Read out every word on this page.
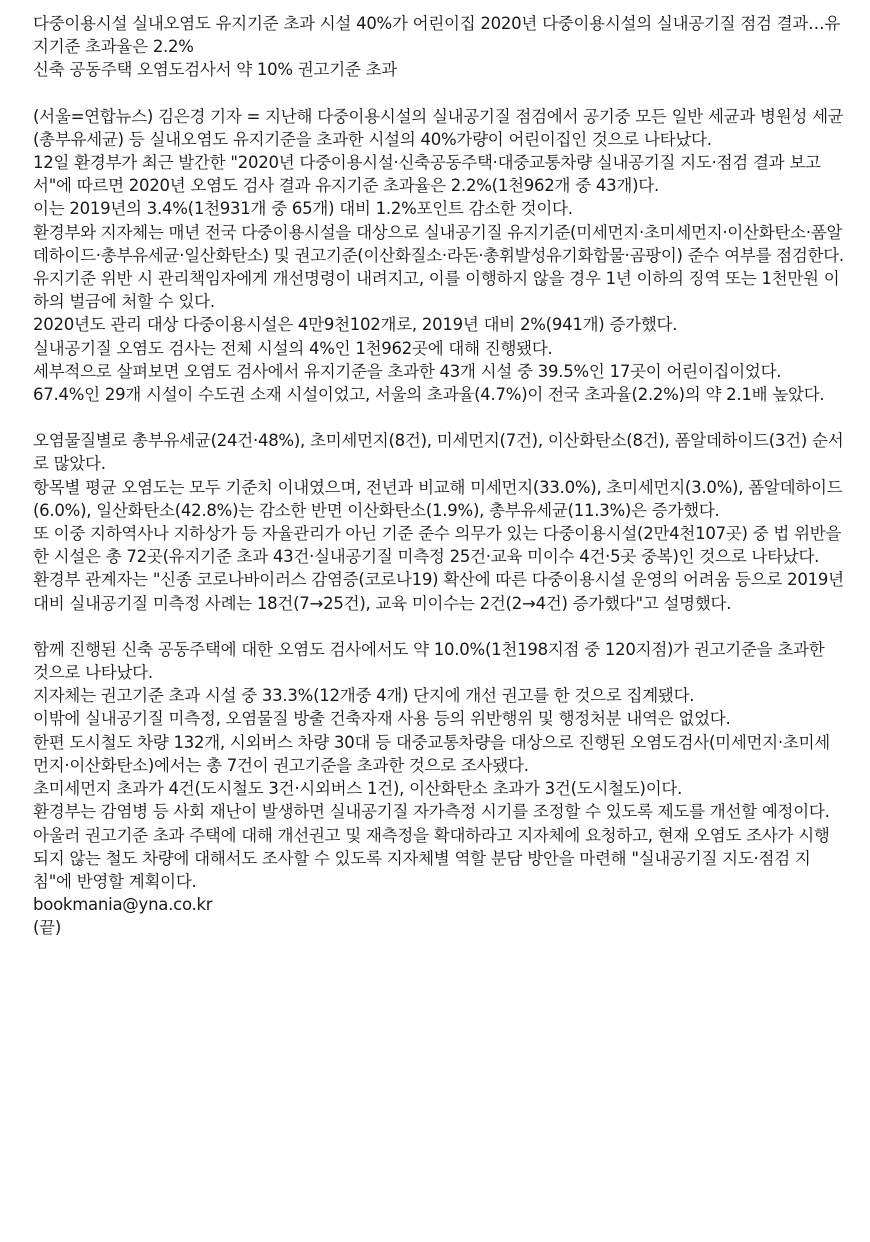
다중이용시설 실내오염도 유지기준 초과 시설 40%가 어린이집 2020년 다중이용시설의 실내공기질 점검 결과…유지기준 초과율은 2.2%

신축 공동주택 오염도검사서 약 10% 권고기준 초과

(서울=연합뉴스) 김은경 기자 = 지난해 다중이용시설의 실내공기질 점검에서 공기중 모든 일반 세균과 병원성 세균(총부유세균) 등 실내오염도 유지기준을 초과한 시설의 40%가량이 어린이집인 것으로 나타났다.

12일 환경부가 최근 발간한 "2020년 다중이용시설·신축공동주택·대중교통차량 실내공기질 지도·점검 결과 보고서"에 따르면 2020년 오염도 검사 결과 유지기준 초과율은 2.2%(1천962개 중 43개)다.

이는 2019년의 3.4%(1천931개 중 65개) 대비 1.2%포인트 감소한 것이다.

환경부와 지자체는 매년 전국 다중이용시설을 대상으로 실내공기질 유지기준(미세먼지·초미세먼지·이산화탄소·폼알데하이드·총부유세균·일산화탄소) 및 권고기준(이산화질소·라돈·총휘발성유기화합물·곰팡이) 준수 여부를 점검한다.

유지기준 위반 시 관리책임자에게 개선명령이 내려지고, 이를 이행하지 않을 경우 1년 이하의 징역 또는 1천만원 이하의 벌금에 처할 수 있다.

2020년도 관리 대상 다중이용시설은 4만9천102개로, 2019년 대비 2%(941개) 증가했다.

실내공기질 오염도 검사는 전체 시설의 4%인 1천962곳에 대해 진행됐다.

세부적으로 살펴보면 오염도 검사에서 유지기준을 초과한 43개 시설 중 39.5%인 17곳이 어린이집이었다.

67.4%인 29개 시설이 수도권 소재 시설이었고, 서울의 초과율(4.7%)이 전국 초과율(2.2%)의 약 2.1배 높았다.

오염물질별로 총부유세균(24건·48%), 초미세먼지(8건), 미세먼지(7건), 이산화탄소(8건), 폼알데하이드(3건) 순서로 많았다.

항목별 평균 오염도는 모두 기준치 이내였으며, 전년과 비교해 미세먼지(33.0%), 초미세먼지(3.0%), 폼알데하이드(6.0%), 일산화탄소(42.8%)는 감소한 반면 이산화탄소(1.9%), 총부유세균(11.3%)은 증가했다.

또 이중 지하역사나 지하상가 등 자율관리가 아닌 기준 준수 의무가 있는 다중이용시설(2만4천107곳) 중 법 위반을 한 시설은 총 72곳(유지기준 초과 43건·실내공기질 미측정 25건·교육 미이수 4건·5곳 중복)인 것으로 나타났다.

환경부 관계자는 "신종 코로나바이러스 감염증(코로나19) 확산에 따른 다중이용시설 운영의 어려움 등으로 2019년 대비 실내공기질 미측정 사례는 18건(7→25건), 교육 미이수는 2건(2→4건) 증가했다"고 설명했다.

함께 진행된 신축 공동주택에 대한 오염도 검사에서도 약 10.0%(1천198지점 중 120지점)가 권고기준을 초과한 것으로 나타났다.

지자체는 권고기준 초과 시설 중 33.3%(12개중 4개) 단지에 개선 권고를 한 것으로 집계됐다.

이밖에 실내공기질 미측정, 오염물질 방출 건축자재 사용 등의 위반행위 및 행정처분 내역은 없었다.

한편 도시철도 차량 132개, 시외버스 차량 30대 등 대중교통차량을 대상으로 진행된 오염도검사(미세먼지·초미세먼지·이산화탄소)에서는 총 7건이 권고기준을 초과한 것으로 조사됐다.

초미세먼지 초과가 4건(도시철도 3건·시외버스 1건), 이산화탄소 초과가 3건(도시철도)이다.

환경부는 감염병 등 사회 재난이 발생하면 실내공기질 자가측정 시기를 조정할 수 있도록 제도를 개선할 예정이다.

아울러 권고기준 초과 주택에 대해 개선권고 및 재측정을 확대하라고 지자체에 요청하고, 현재 오염도 조사가 시행되지 않는 철도 차량에 대해서도 조사할 수 있도록 지자체별 역할 분담 방안을 마련해 "실내공기질 지도·점검 지침"에 반영할 계획이다.

bookmania@yna.co.kr

(끝)
